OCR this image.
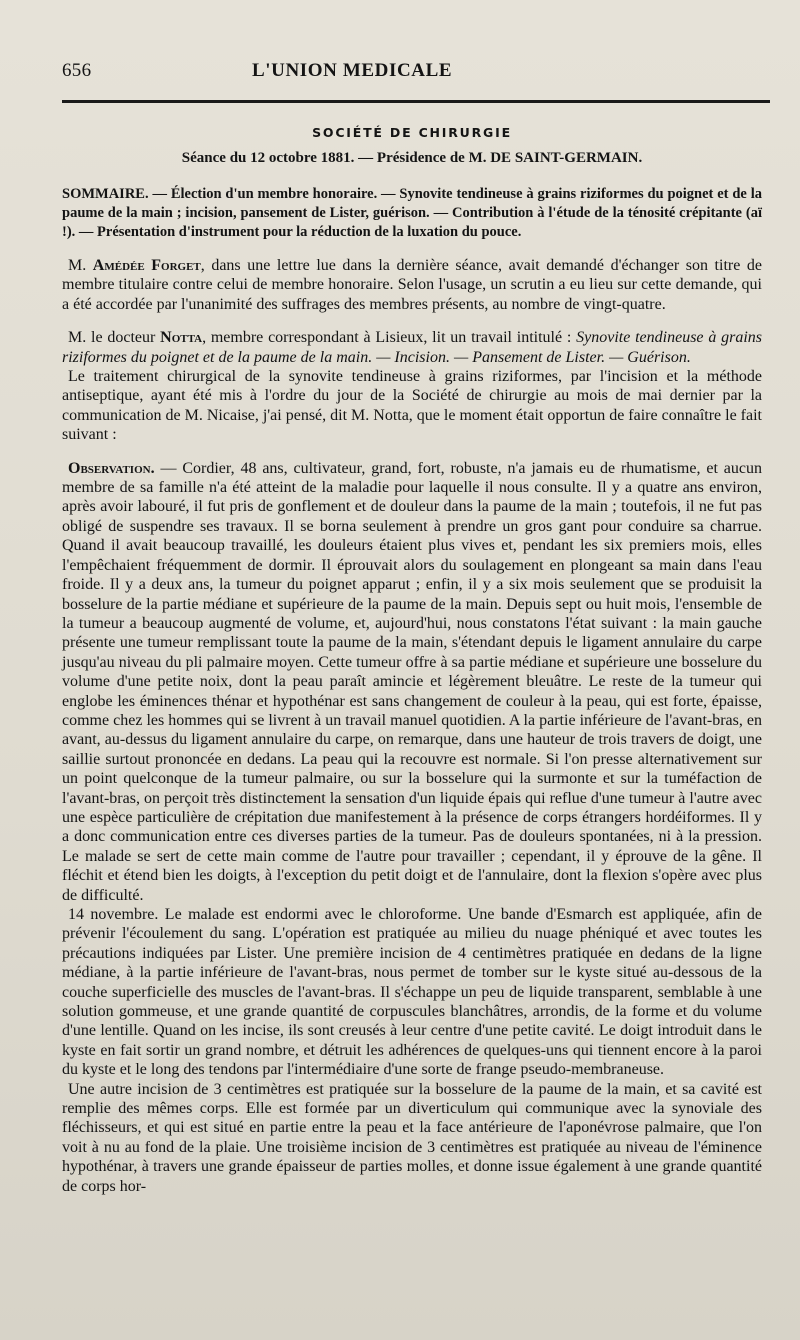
656	L'UNION MEDICALE
SOCIÉTÉ DE CHIRURGIE
Séance du 12 octobre 1881. — Présidence de M. DE SAINT-GERMAIN.
SOMMAIRE. — Élection d'un membre honoraire. — Synovite tendineuse à grains riziformes du poignet et de la paume de la main ; incision, pansement de Lister, guérison. — Contribution à l'étude de la ténosité crépitante (aï !). — Présentation d'instrument pour la réduction de la luxation du pouce.

M. Amédée Forget, dans une lettre lue dans la dernière séance, avait demandé d'échanger son titre de membre titulaire contre celui de membre honoraire. Selon l'usage, un scrutin a eu lieu sur cette demande, qui a été accordée par l'unanimité des suffrages des membres présents, au nombre de vingt-quatre.

M. le docteur Notta, membre correspondant à Lisieux, lit un travail intitulé : Synovite tendineuse à grains riziformes du poignet et de la paume de la main. — Incision. — Pansement de Lister. — Guérison.

Le traitement chirurgical de la synovite tendineuse à grains riziformes, par l'incision et la méthode antiseptique, ayant été mis à l'ordre du jour de la Société de chirurgie au mois de mai dernier par la communication de M. Nicaise, j'ai pensé, dit M. Notta, que le moment était opportun de faire connaître le fait suivant :

Observation. — Cordier, 48 ans, cultivateur, grand, fort, robuste, n'a jamais eu de rhumatisme, et aucun membre de sa famille n'a été atteint de la maladie pour laquelle il nous consulte. Il y a quatre ans environ, après avoir labouré, il fut pris de gonflement et de douleur dans la paume de la main ; toutefois, il ne fut pas obligé de suspendre ses travaux. Il se borna seulement à prendre un gros gant pour conduire sa charrue. Quand il avait beaucoup travaillé, les douleurs étaient plus vives et, pendant les six premiers mois, elles l'empêchaient fréquemment de dormir. Il éprouvait alors du soulagement en plongeant sa main dans l'eau froide. Il y a deux ans, la tumeur du poignet apparut ; enfin, il y a six mois seulement que se produisit la bosselure de la partie médiane et supérieure de la paume de la main. Depuis sept ou huit mois, l'ensemble de la tumeur a beaucoup augmenté de volume, et, aujourd'hui, nous constatons l'état suivant : la main gauche présente une tumeur remplissant toute la paume de la main, s'étendant depuis le ligament annulaire du carpe jusqu'au niveau du pli palmaire moyen. Cette tumeur offre à sa partie médiane et supérieure une bosselure du volume d'une petite noix, dont la peau paraît amincie et légèrement bleuâtre. Le reste de la tumeur qui englobe les éminences thénar et hypothénar est sans changement de couleur à la peau, qui est forte, épaisse, comme chez les hommes qui se livrent à un travail manuel quotidien. A la partie inférieure de l'avant-bras, en avant, au-dessus du ligament annulaire du carpe, on remarque, dans une hauteur de trois travers de doigt, une saillie surtout prononcée en dedans. La peau qui la recouvre est normale. Si l'on presse alternativement sur un point quelconque de la tumeur palmaire, ou sur la bosselure qui la surmonte et sur la tuméfaction de l'avant-bras, on perçoit très distinctement la sensation d'un liquide épais qui reflue d'une tumeur à l'autre avec une espèce particulière de crépitation due manifestement à la présence de corps étrangers hordéiformes. Il y a donc communication entre ces diverses parties de la tumeur. Pas de douleurs spontanées, ni à la pression. Le malade se sert de cette main comme de l'autre pour travailler ; cependant, il y éprouve de la gêne. Il fléchit et étend bien les doigts, à l'exception du petit doigt et de l'annulaire, dont la flexion s'opère avec plus de difficulté.

14 novembre. Le malade est endormi avec le chloroforme. Une bande d'Esmarch est appliquée, afin de prévenir l'écoulement du sang. L'opération est pratiquée au milieu du nuage phéniqué et avec toutes les précautions indiquées par Lister. Une première incision de 4 centimètres pratiquée en dedans de la ligne médiane, à la partie inférieure de l'avant-bras, nous permet de tomber sur le kyste situé au-dessous de la couche superficielle des muscles de l'avant-bras. Il s'échappe un peu de liquide transparent, semblable à une solution gommeuse, et une grande quantité de corpuscules blanchâtres, arrondis, de la forme et du volume d'une lentille. Quand on les incise, ils sont creusés à leur centre d'une petite cavité. Le doigt introduit dans le kyste en fait sortir un grand nombre, et détruit les adhérences de quelques-uns qui tiennent encore à la paroi du kyste et le long des tendons par l'intermédiaire d'une sorte de frange pseudo-membraneuse.

Une autre incision de 3 centimètres est pratiquée sur la bosselure de la paume de la main, et sa cavité est remplie des mêmes corps. Elle est formée par un diverticulum qui communique avec la synoviale des fléchisseurs, et qui est situé en partie entre la peau et la face antérieure de l'aponévrose palmaire, que l'on voit à nu au fond de la plaie. Une troisième incision de 3 centimètres est pratiquée au niveau de l'éminence hypothénar, à travers une grande épaisseur de parties molles, et donne issue également à une grande quantité de corps hor-
